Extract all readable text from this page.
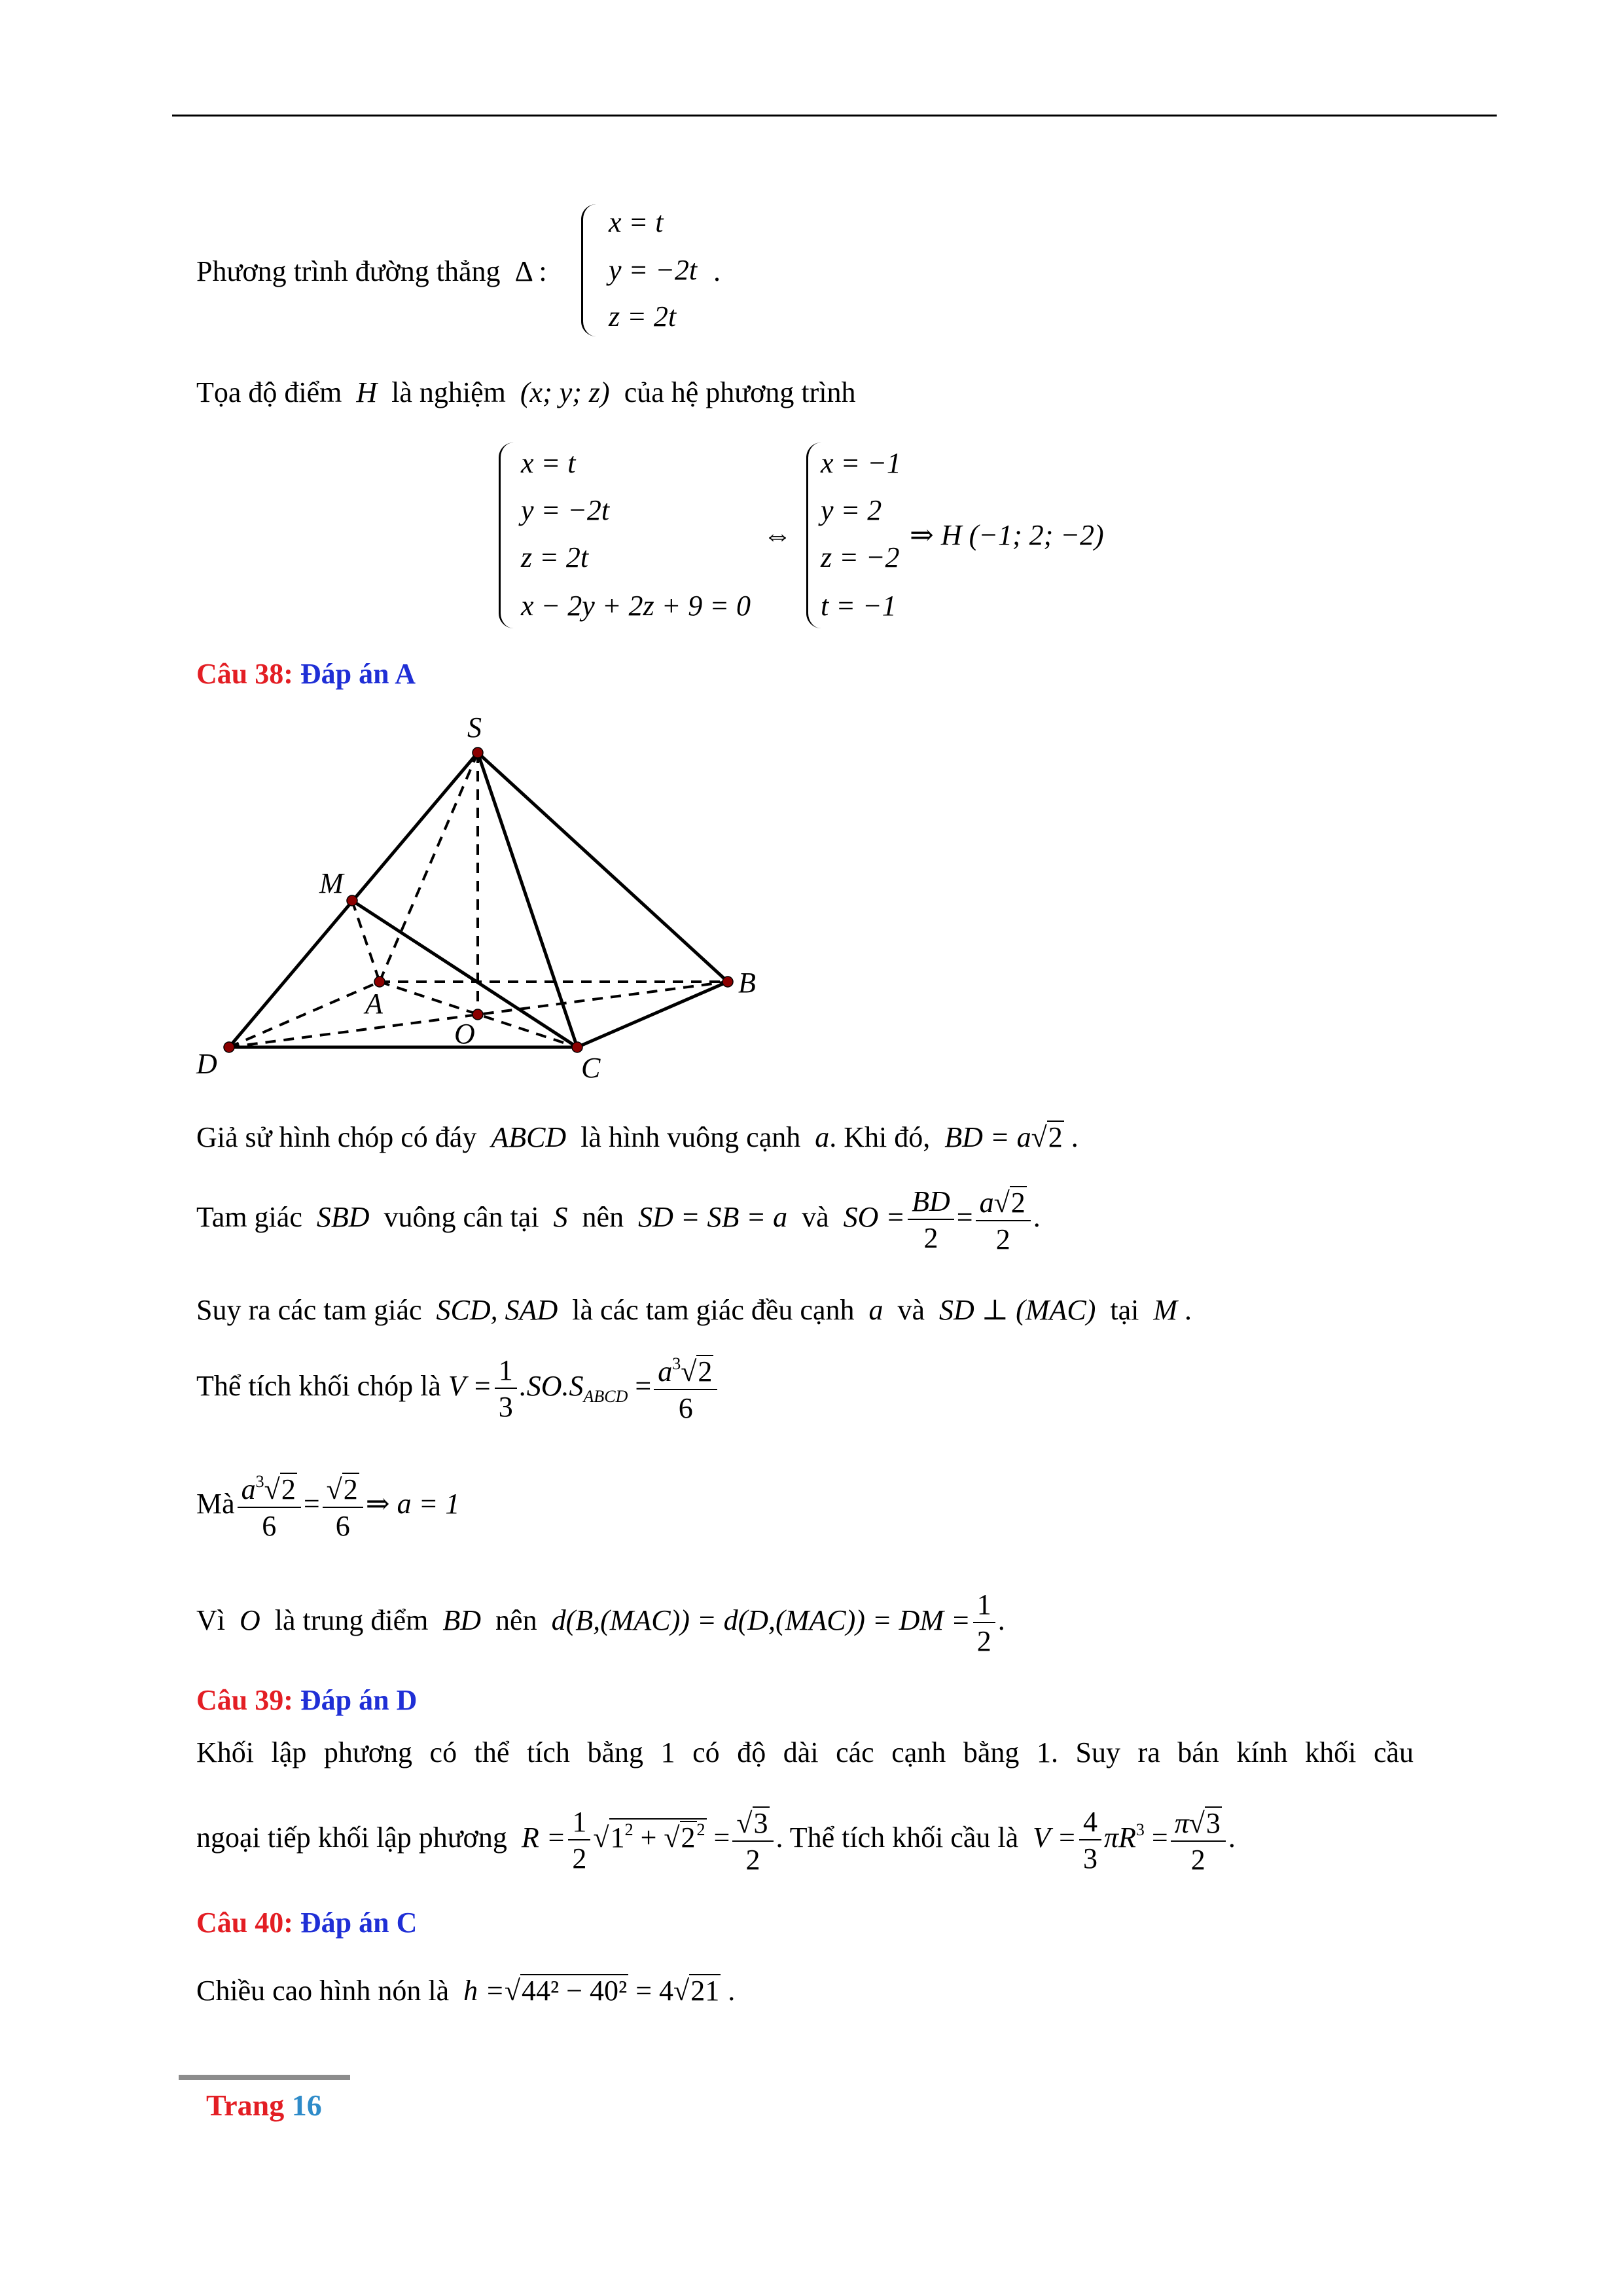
Phương trình đường thẳng Δ :
x = t
y = −2t
z = 2t
.
Tọa độ điểm H là nghiệm (x; y; z) của hệ phương trình
x = t
y = −2t
z = 2t
x − 2y + 2z + 9 = 0
⇔
x = −1
y = 2
z = −2
t = −1
⇒ H (−1; 2; −2)
Câu 38: Đáp án A
S
M
A
O
B
D	C
Giả sử hình chóp có đáy ABCD là hình vuông cạnh a. Khi đó, BD = a√2 .
Tam giác SBD vuông cân tại S nên SD = SB = a và SO = $\frac{BD}{2} = \frac{a√2}{2}$ .
Suy ra các tam giác SCD, SAD là các tam giác đều cạnh a và SD ⊥ (MAC) tại M .
Thể tích khối chóp là $V = \frac{1}{3} .SO.S_{ABCD} = \frac{a^3√2}{6}$
Mà $\frac{a^3√2}{6} = \frac{√2}{6}$ ⇒ a = 1
Vì O là trung điểm BD nên d(B,(MAC)) = d(D,(MAC)) = DM = $\frac{1}{2}$ .
Câu 39: Đáp án D
Khối lập phương có thể tích bằng 1 có độ dài các cạnh bằng 1. Suy ra bán kính khối cầu
ngoại tiếp khối lập phương $R = \frac{1}{2} √1^2 + √2^2 = \frac{√3}{2}$ . Thể tích khối cầu là $V = \frac{4}{3} \pi R^3 = \frac{\pi√3}{2}$ .
Câu 40: Đáp án C
Chiều cao hình nón là h =√44² − 40² = 4√21 .
Trang 16
